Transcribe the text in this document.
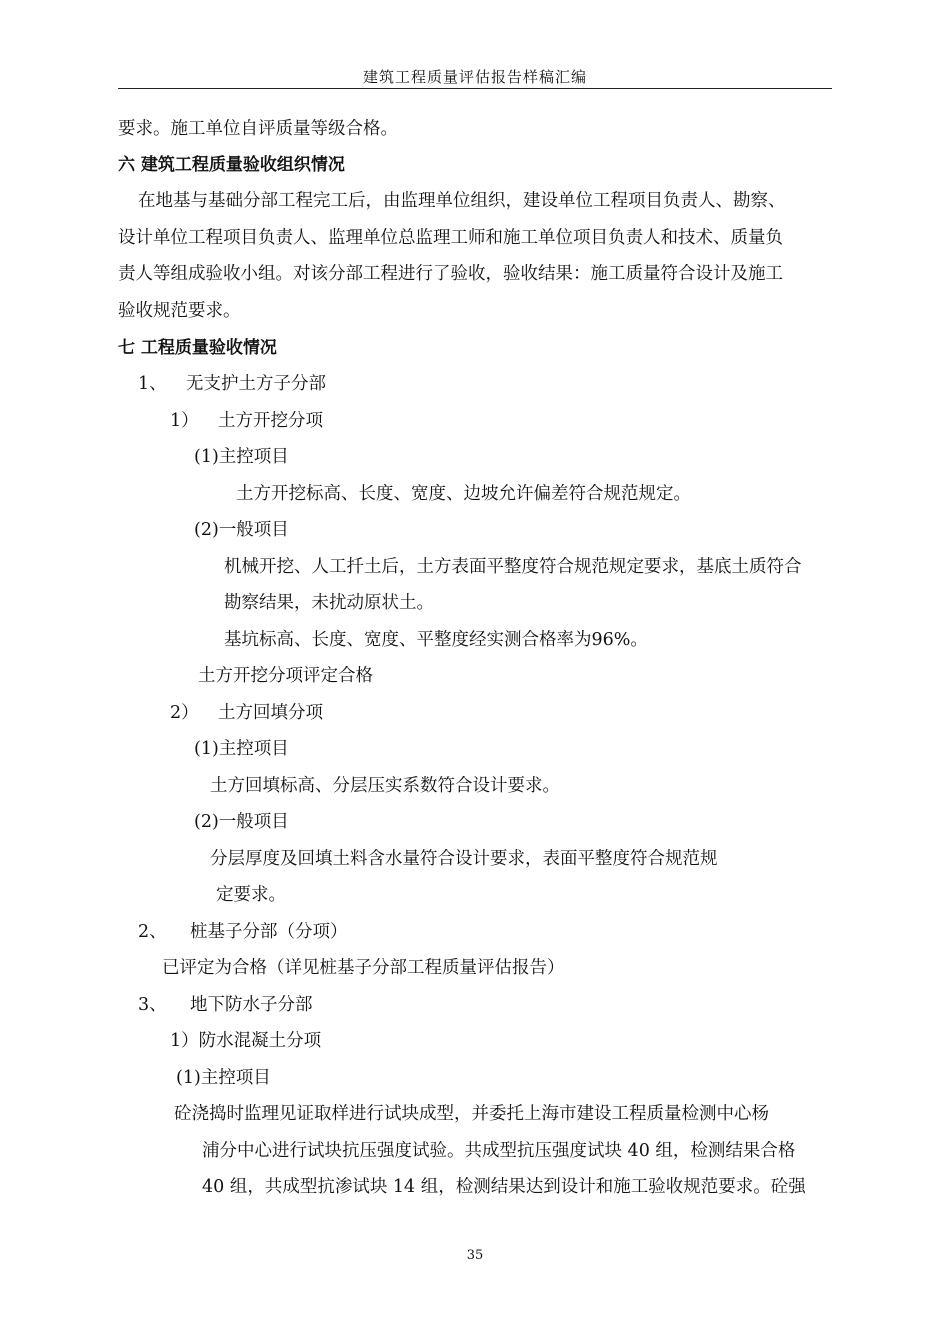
建筑工程质量评估报告样稿汇编
要求。施工单位自评质量等级合格。
六 建筑工程质量验收组织情况
在地基与基础分部工程完工后，由监理单位组织，建设单位工程项目负责人、勘察、
设计单位工程项目负责人、监理单位总监理工师和施工单位项目负责人和技术、质量负
责人等组成验收小组。对该分部工程进行了验收，验收结果：施工质量符合设计及施工
验收规范要求。
七 工程质量验收情况
1、 无支护土方子分部
1） 土方开挖分项
(1)主控项目
土方开挖标高、长度、宽度、边坡允许偏差符合规范规定。
(2)一般项目
机械开挖、人工扦土后，土方表面平整度符合规范规定要求，基底土质符合
勘察结果，未扰动原状土。
基坑标高、长度、宽度、平整度经实测合格率为96%。
土方开挖分项评定合格
2） 土方回填分项
(1)主控项目
土方回填标高、分层压实系数符合设计要求。
(2)一般项目
分层厚度及回填土料含水量符合设计要求，表面平整度符合规范规
定要求。
2、 桩基子分部（分项）
已评定为合格（详见桩基子分部工程质量评估报告）
3、 地下防水子分部
1）防水混凝土分项
(1)主控项目
砼浇捣时监理见证取样进行试块成型，并委托上海市建设工程质量检测中心杨
浦分中心进行试块抗压强度试验。共成型抗压强度试块 40 组，检测结果合格
40 组，共成型抗渗试块 14 组，检测结果达到设计和施工验收规范要求。砼强
35
